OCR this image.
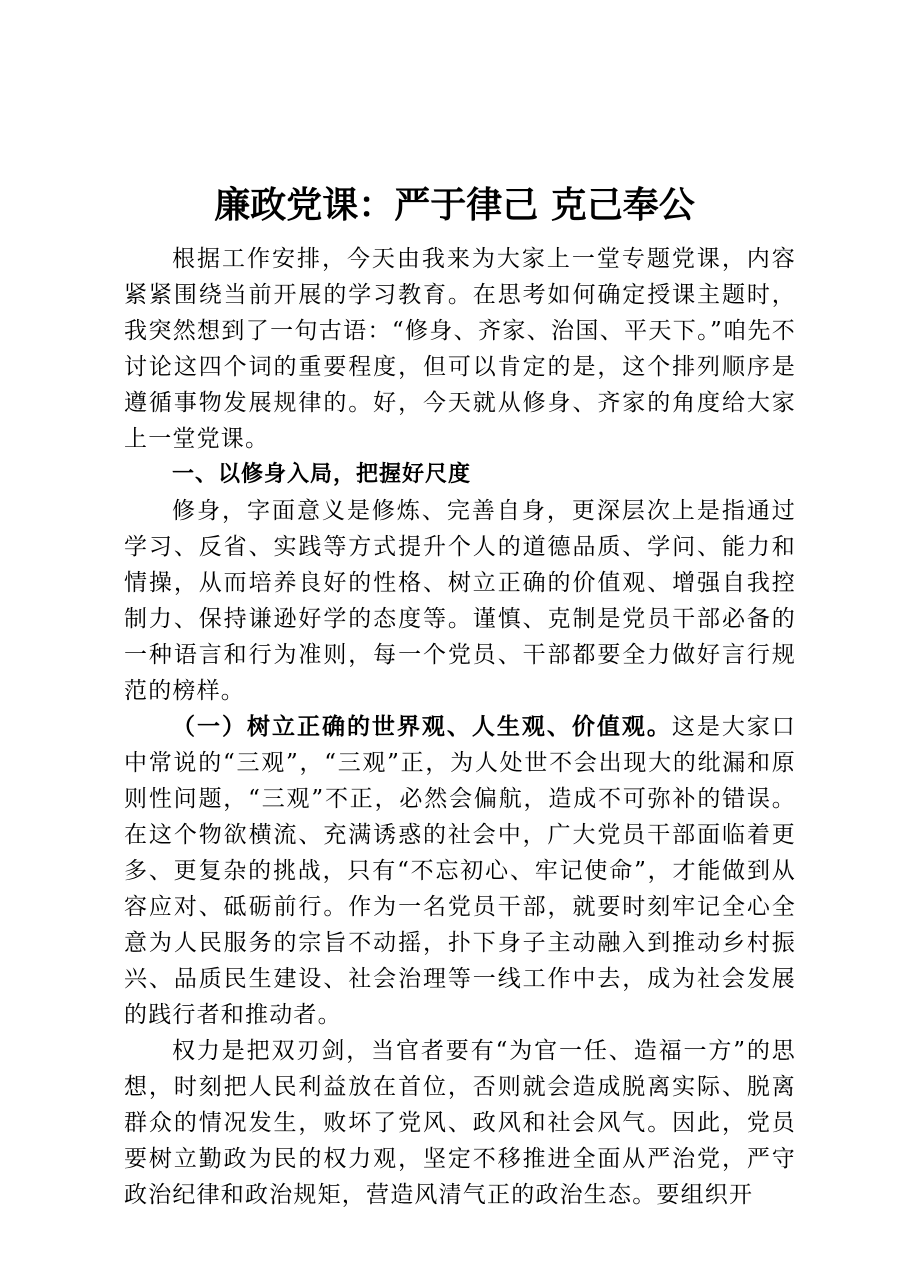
廉政党课：严于律己 克己奉公

根据工作安排，今天由我来为大家上一堂专题党课，内容紧紧围绕当前开展的学习教育。在思考如何确定授课主题时，我突然想到了一句古语：“修身、齐家、治国、平天下。”咱先不讨论这四个词的重要程度，但可以肯定的是，这个排列顺序是遵循事物发展规律的。好，今天就从修身、齐家的角度给大家上一堂党课。

一、以修身入局，把握好尺度

修身，字面意义是修炼、完善自身，更深层次上是指通过学习、反省、实践等方式提升个人的道德品质、学问、能力和情操，从而培养良好的性格、树立正确的价值观、增强自我控制力、保持谦逊好学的态度等。谨慎、克制是党员干部必备的一种语言和行为准则，每一个党员、干部都要全力做好言行规范的榜样。

（一）树立正确的世界观、人生观、价值观。这是大家口中常说的“三观”，“三观”正，为人处世不会出现大的纰漏和原则性问题，“三观”不正，必然会偏航，造成不可弥补的错误。在这个物欲横流、充满诱惑的社会中，广大党员干部面临着更多、更复杂的挑战，只有“不忘初心、牢记使命”，才能做到从容应对、砥砺前行。作为一名党员干部，就要时刻牢记全心全意为人民服务的宗旨不动摇，扑下身子主动融入到推动乡村振兴、品质民生建设、社会治理等一线工作中去，成为社会发展的践行者和推动者。

权力是把双刃剑，当官者要有“为官一任、造福一方”的思想，时刻把人民利益放在首位，否则就会造成脱离实际、脱离群众的情况发生，败坏了党风、政风和社会风气。因此，党员要树立勤政为民的权力观，坚定不移推进全面从严治党，严守政治纪律和政治规矩，营造风清气正的政治生态。要组织开
